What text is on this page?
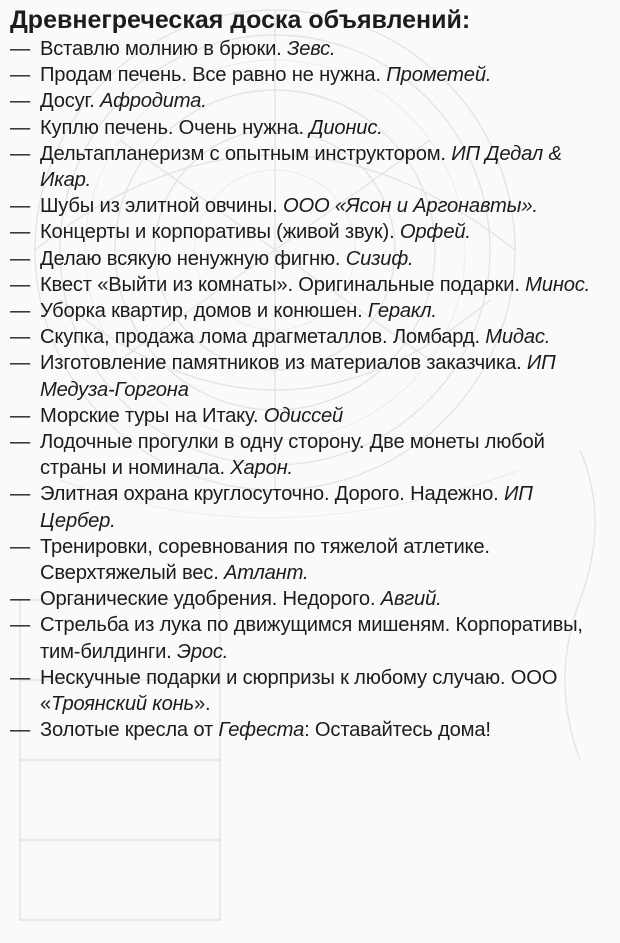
Древнегреческая доска объявлений:
— Вставлю молнию в брюки. Зевс.
— Продам печень. Все равно не нужна. Прометей.
— Досуг. Афродита.
— Куплю печень. Очень нужна. Дионис.
— Дельтапланеризм с опытным инструктором. ИП Дедал & Икар.
— Шубы из элитной овчины. ООО «Ясон и Аргонавты».
— Концерты и корпоративы (живой звук). Орфей.
— Делаю всякую ненужную фигню. Сизиф.
— Квест «Выйти из комнаты». Оригинальные подарки. Минос.
— Уборка квартир, домов и конюшен. Геракл.
— Скупка, продажа лома драгметаллов. Ломбард. Мидас.
— Изготовление памятников из материалов заказчика. ИП Медуза-Горгона
— Морские туры на Итаку. Одиссей
— Лодочные прогулки в одну сторону. Две монеты любой страны и номинала. Харон.
— Элитная охрана круглосуточно. Дорого. Надежно. ИП Цербер.
— Тренировки, соревнования по тяжелой атлетике. Сверхтяжелый вес. Атлант.
— Органические удобрения. Недорого. Авгий.
— Стрельба из лука по движущимся мишеням. Корпоративы, тим-билдинги. Эрос.
— Нескучные подарки и сюрпризы к любому случаю. ООО «Троянский конь».
— Золотые кресла от Гефеста: Оставайтесь дома!
